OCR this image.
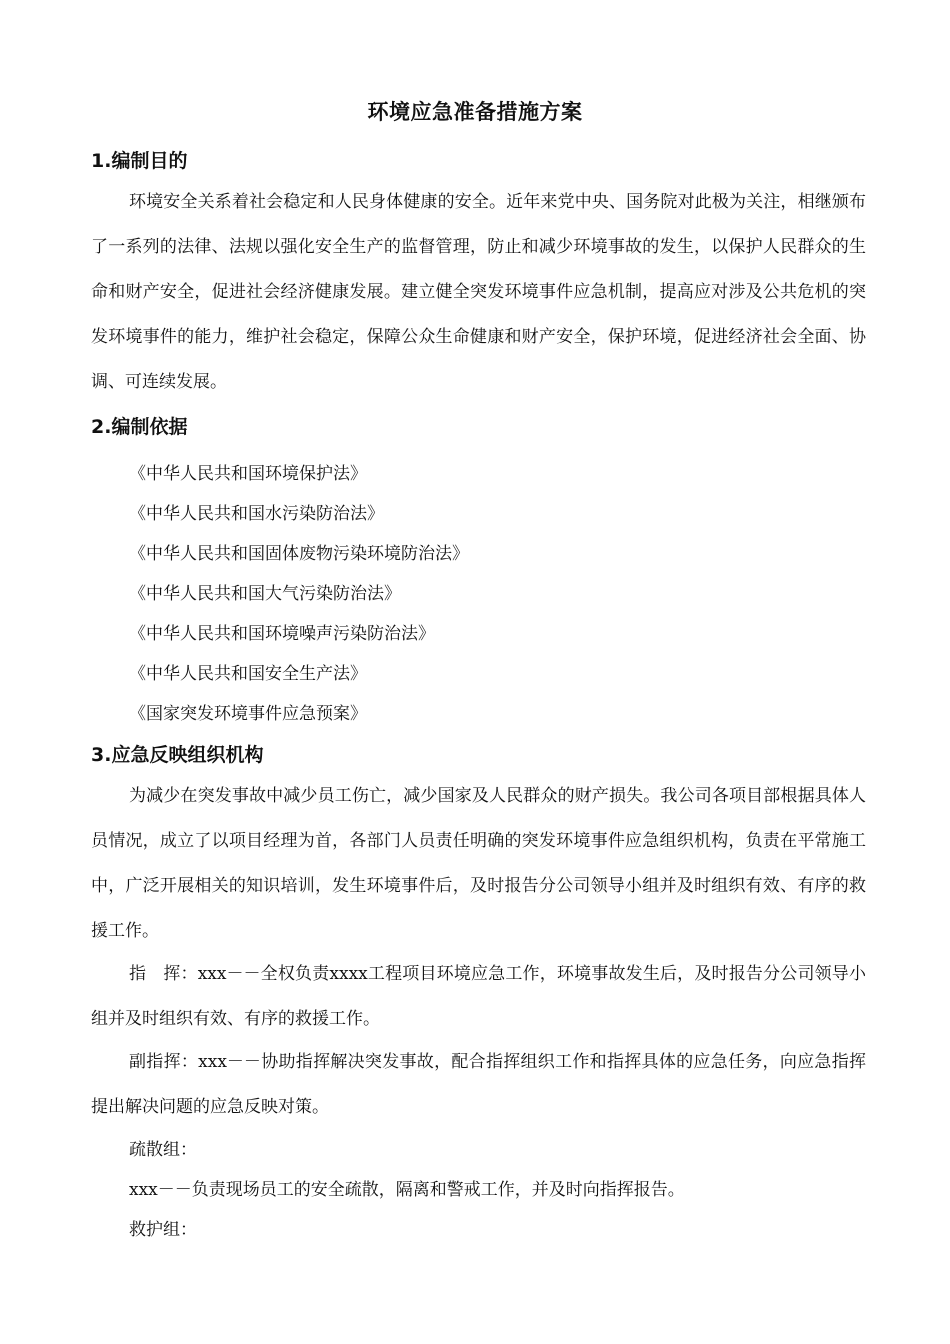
环境应急准备措施方案
1.编制目的

环境安全关系着社会稳定和人民身体健康的安全。近年来党中央、国务院对此极为关注，相继颁布了一系列的法律、法规以强化安全生产的监督管理，防止和减少环境事故的发生，以保护人民群众的生命和财产安全，促进社会经济健康发展。建立健全突发环境事件应急机制，提高应对涉及公共危机的突发环境事件的能力，维护社会稳定，保障公众生命健康和财产安全，保护环境，促进经济社会全面、协调、可连续发展。

2.编制依据
《中华人民共和国环境保护法》
《中华人民共和国水污染防治法》
《中华人民共和国固体废物污染环境防治法》
《中华人民共和国大气污染防治法》
《中华人民共和国环境噪声污染防治法》
《中华人民共和国安全生产法》
《国家突发环境事件应急预案》
3.应急反映组织机构

为减少在突发事故中减少员工伤亡，减少国家及人民群众的财产损失。我公司各项目部根据具体人员情况，成立了以项目经理为首，各部门人员责任明确的突发环境事件应急组织机构，负责在平常施工中，广泛开展相关的知识培训，发生环境事件后，及时报告分公司领导小组并及时组织有效、有序的救援工作。

指　挥：xxx－－全权负责xxxx工程项目环境应急工作，环境事故发生后，及时报告分公司领导小组并及时组织有效、有序的救援工作。

副指挥：xxx－－协助指挥解决突发事故，配合指挥组织工作和指挥具体的应急任务，向应急指挥提出解决问题的应急反映对策。

疏散组：
xxx－－负责现场员工的安全疏散，隔离和警戒工作，并及时向指挥报告。
救护组：
